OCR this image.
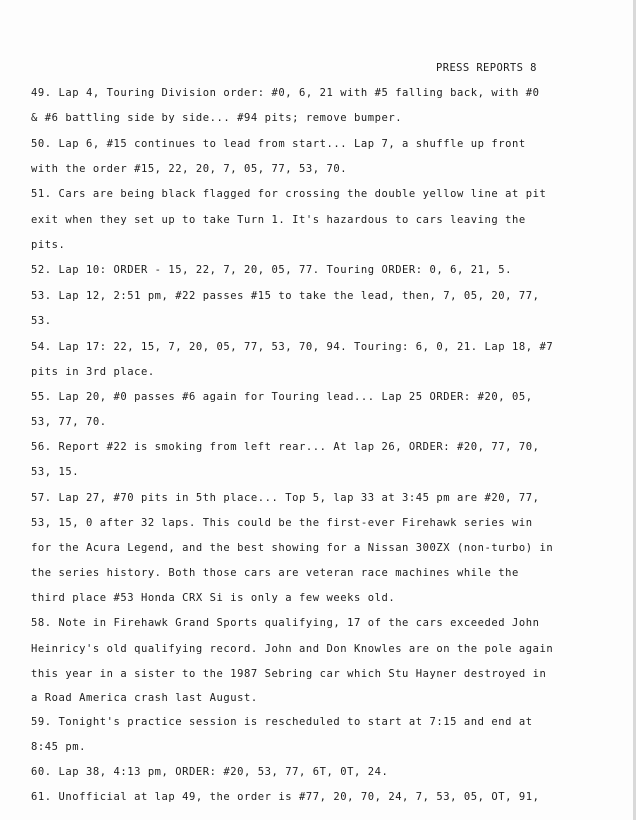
PRESS REPORTS 8

49. Lap 4, Touring Division order: #0, 6, 21 with #5 falling back, with #0

& #6 battling side by side... #94 pits; remove bumper.

50. Lap 6, #15 continues to lead from start... Lap 7, a shuffle up front

with the order #15, 22, 20, 7, 05, 77, 53, 70.

51. Cars are being black flagged for crossing the double yellow line at pit

exit when they set up to take Turn 1. It's hazardous to cars leaving the

pits.

52. Lap 10: ORDER - 15, 22, 7, 20, 05, 77. Touring ORDER: 0, 6, 21, 5.

53. Lap 12, 2:51 pm, #22 passes #15 to take the lead, then, 7, 05, 20, 77,

53.

54. Lap 17: 22, 15, 7, 20, 05, 77, 53, 70, 94. Touring: 6, 0, 21. Lap 18, #7

pits in 3rd place.

55. Lap 20, #0 passes #6 again for Touring lead... Lap 25 ORDER: #20, 05,

53, 77, 70.

56. Report #22 is smoking from left rear... At lap 26, ORDER: #20, 77, 70,

53, 15.

57. Lap 27, #70 pits in 5th place... Top 5, lap 33 at 3:45 pm are #20, 77,

53, 15, 0 after 32 laps. This could be the first-ever Firehawk series win

for the Acura Legend, and the best showing for a Nissan 300ZX (non-turbo) in

the series history. Both those cars are veteran race machines while the

third place #53 Honda CRX Si is only a few weeks old.

58. Note in Firehawk Grand Sports qualifying, 17 of the cars exceeded John

Heinricy's old qualifying record. John and Don Knowles are on the pole again

this year in a sister to the 1987 Sebring car which Stu Hayner destroyed in

a Road America crash last August.

59. Tonight's practice session is rescheduled to start at 7:15 and end at

8:45 pm.

60. Lap 38, 4:13 pm, ORDER: #20, 53, 77, 6T, 0T, 24.

61. Unofficial at lap 49, the order is #77, 20, 70, 24, 7, 53, 05, OT, 91,
